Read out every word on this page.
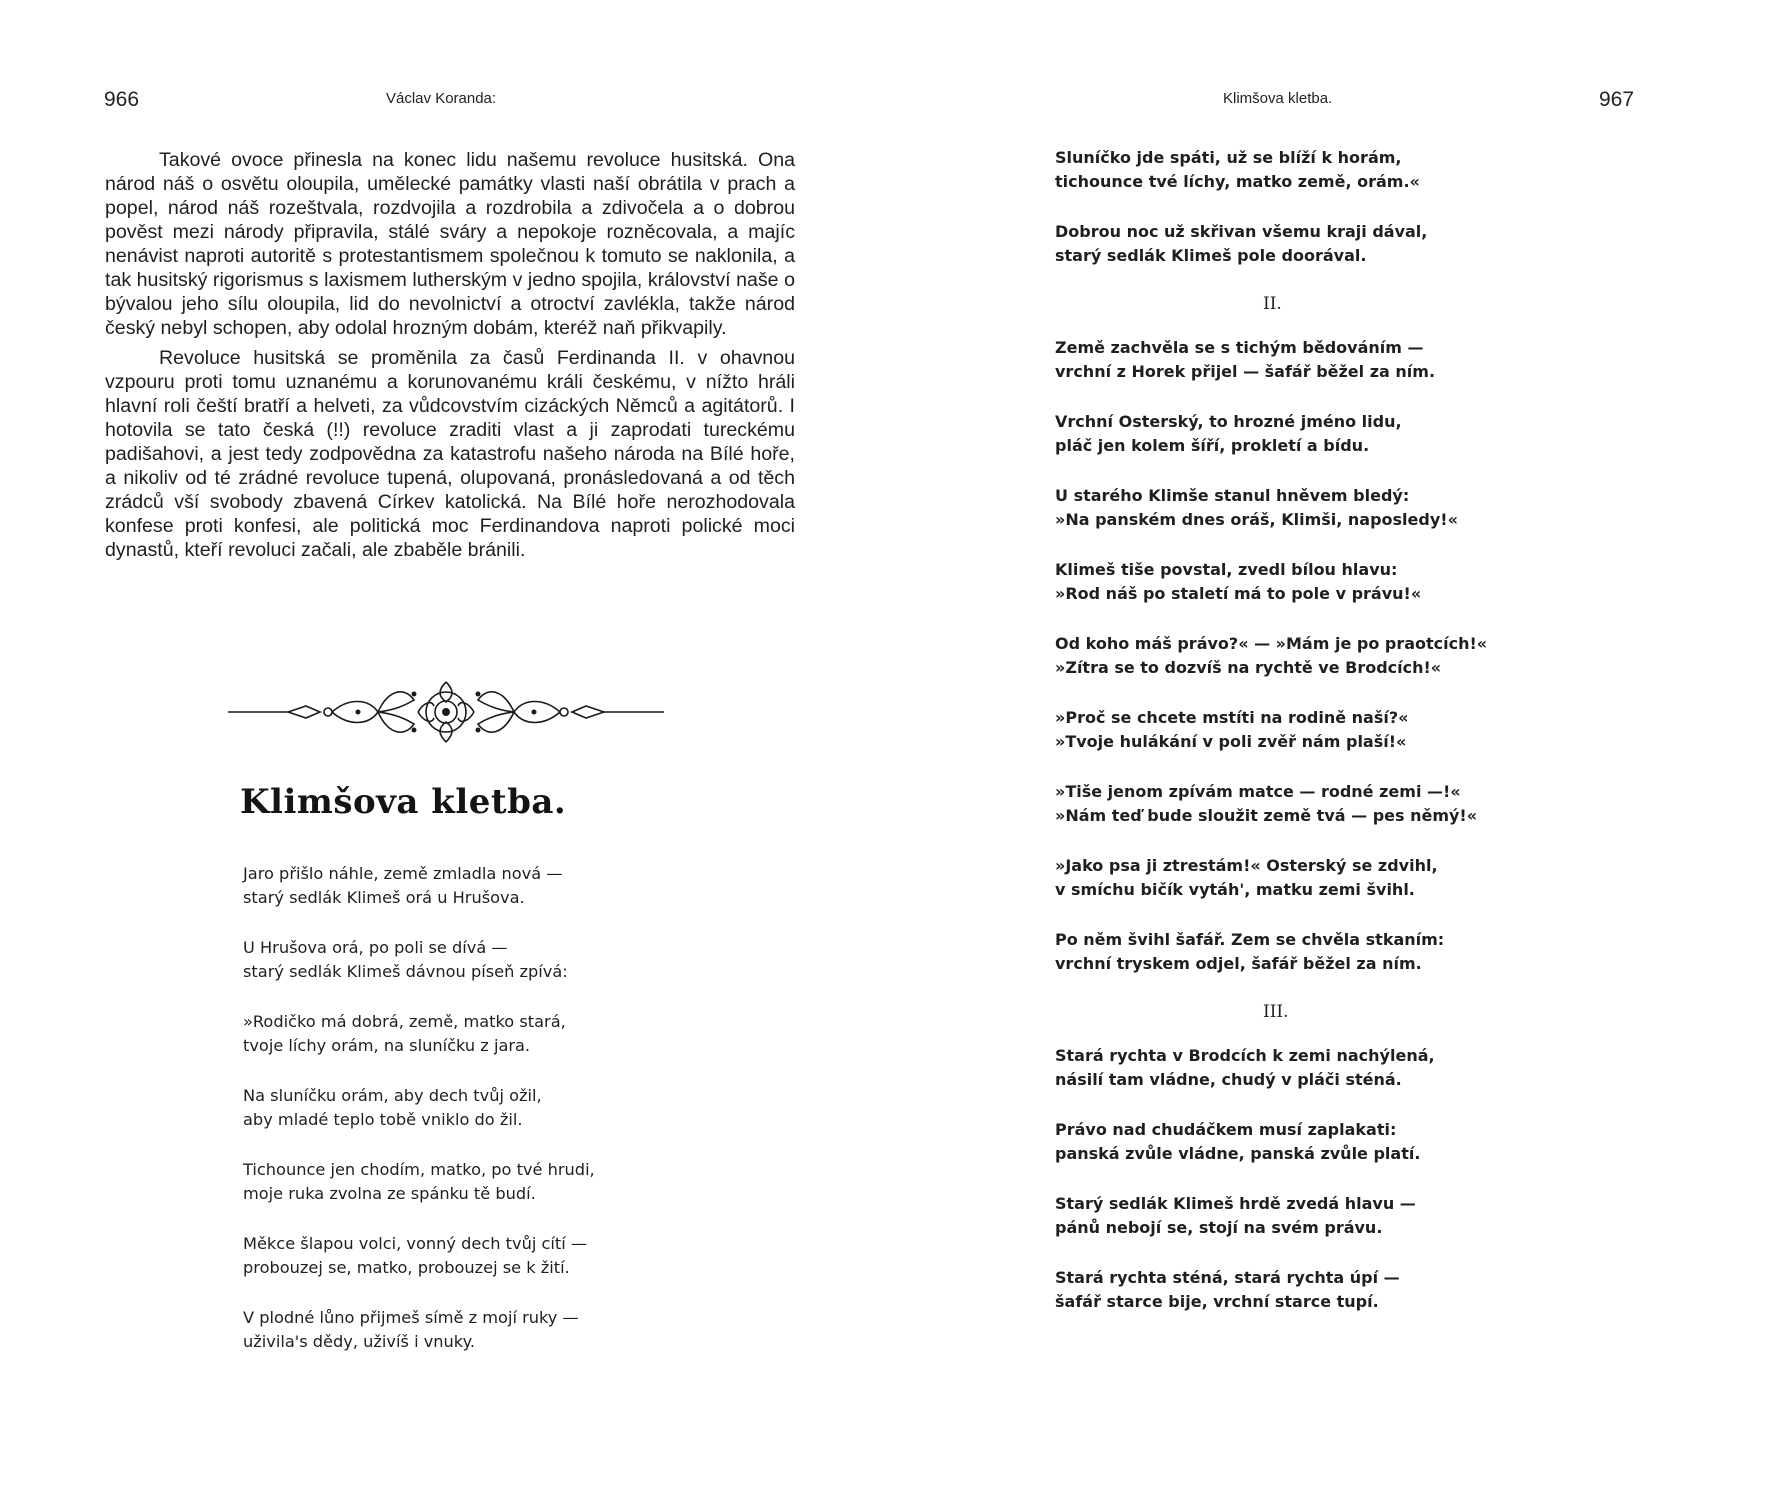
966	Václav Koranda:

Takové ovoce přinesla na konec lidu našemu revoluce husitská. Ona národ náš o osvětu oloupila, umělecké památky vlasti naší obrátila v prach a popel, národ náš rozeštvala, rozdvojila a rozdrobila a zdivočela a o dobrou pověst mezi národy připravila, stálé sváry a nepokoje rozněcovala, a majíc nenávist naproti autoritě s protestantismem společnou k tomuto se naklonila, a tak husitský rigorismus s laxismem lutherským v jedno spojila, království naše o bývalou jeho sílu oloupila, lid do nevolnictví a otroctví zavlékla, takže národ český nebyl schopen, aby odolal hrozným dobám, kteréž naň přikvapily.

Revoluce husitská se proměnila za časů Ferdinanda II. v ohavnou vzpouru proti tomu uznanému a korunovanému králi českému, v nížto hráli hlavní roli čeští bratří a helveti, za vůdcovstvím cizáckých Němců a agitátorů. I hotovila se tato česká (!!) revoluce zraditi vlast a ji zaprodati tureckému padišahovi, a jest tedy zodpovědna za katastrofu našeho národa na Bílé hoře, a nikoliv od té zrádné revoluce tupená, olupovaná, pronásledovaná a od těch zrádců vší svobody zbavená Církev katolická. Na Bílé hoře nerozhodovala konfese proti konfesi, ale politická moc Ferdinandova naproti polické moci dynastů, kteří revoluci začali, ale zbaběle bránili.

Klimšova kletba.
Jaro přišlo náhle, země zmladla nová —
starý sedlák Klimeš orá u Hrušova.
U Hrušova orá, po poli se dívá —
starý sedlák Klimeš dávnou píseň zpívá:
»Rodičko má dobrá, země, matko stará,
tvoje líchy orám, na sluníčku z jara.
Na sluníčku orám, aby dech tvůj ožil,
aby mladé teplo tobě vniklo do žil.
Tichounce jen chodím, matko, po tvé hrudi,
moje ruka zvolna ze spánku tě budí.
Měkce šlapou volci, vonný dech tvůj cítí —
probouzej se, matko, probouzej se k žití.
V plodné lůno přijmeš símě z mojí ruky —
uživila's dědy, uživíš i vnuky.
Klimšova kletba.	967
Sluníčko jde spáti, už se blíží k horám,
tichounce tvé líchy, matko země, orám.«
Dobrou noc už skřivan všemu kraji dával,
starý sedlák Klimeš pole doorával.
II.
Země zachvěla se s tichým bědováním —
vrchní z Horek přijel — šafář běžel za ním.
Vrchní Osterský, to hrozné jméno lidu,
pláč jen kolem šíří, prokletí a bídu.
U starého Klimše stanul hněvem bledý:
»Na panském dnes oráš, Klimši, naposledy!«
Klimeš tiše povstal, zvedl bílou hlavu:
»Rod náš po staletí má to pole v právu!«
Od koho máš právo?« — »Mám je po praotcích!«
»Zítra se to dozvíš na rychtě ve Brodcích!«
»Proč se chcete mstíti na rodině naší?«
»Tvoje hulákání v poli zvěř nám plaší!«
»Tiše jenom zpívám matce — rodné zemi —!«
»Nám teď bude sloužit země tvá — pes němý!«
»Jako psa ji ztrestám!« Osterský se zdvihl,
v smíchu bičík vytáh', matku zemi švihl.
Po něm švihl šafář. Zem se chvěla stkaním:
vrchní tryskem odjel, šafář běžel za ním.
III.
Stará rychta v Brodcích k zemi nachýlená,
násilí tam vládne, chudý v pláči sténá.
Právo nad chudáčkem musí zaplakati:
panská zvůle vládne, panská zvůle platí.
Starý sedlák Klimeš hrdě zvedá hlavu —
pánů nebojí se, stojí na svém právu.
Stará rychta sténá, stará rychta úpí —
šafář starce bije, vrchní starce tupí.
